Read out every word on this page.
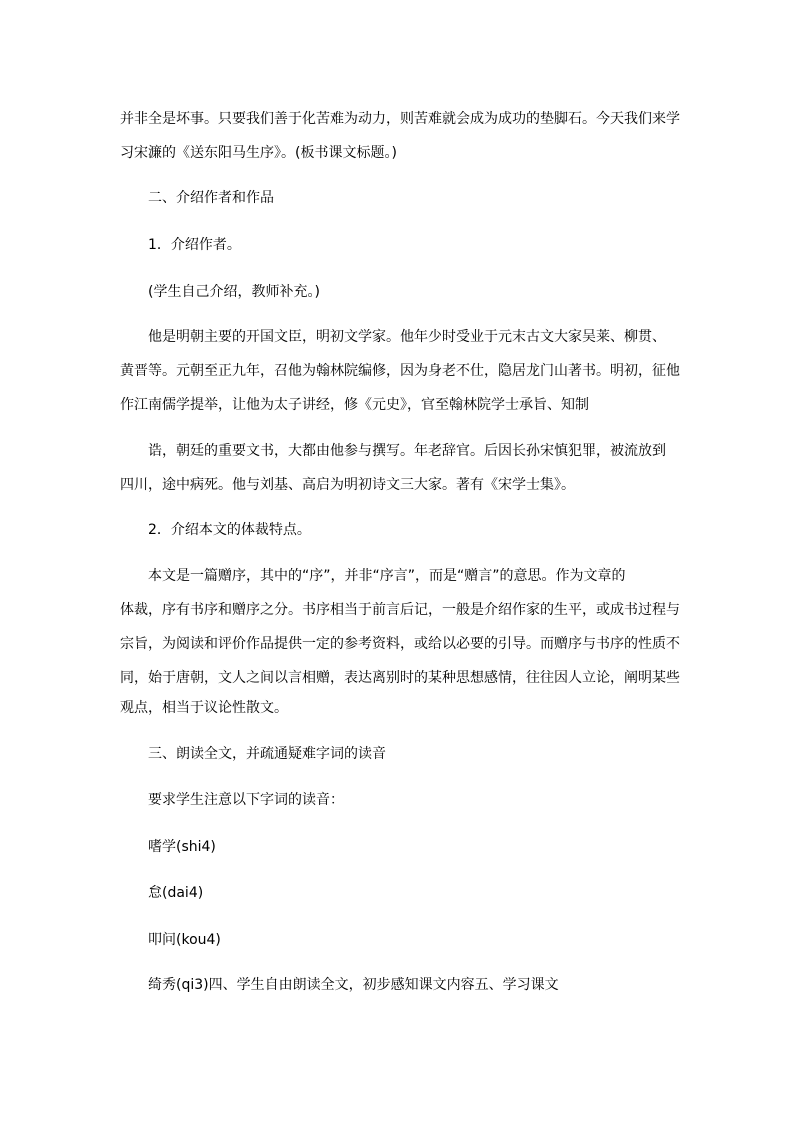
并非全是坏事。只要我们善于化苦难为动力，则苦难就会成为成功的垫脚石。今天我们来学
习宋濂的《送东阳马生序》。(板书课文标题。)
二、介绍作者和作品
1．介绍作者。
(学生自己介绍，教师补充。)
他是明朝主要的开国文臣，明初文学家。他年少时受业于元末古文大家吴莱、柳贯、
黄晋等。元朝至正九年，召他为翰林院编修，因为身老不仕，隐居龙门山著书。明初，征他
作江南儒学提举，让他为太子讲经，修《元史》，官至翰林院学士承旨、知制
诰，朝廷的重要文书，大都由他参与撰写。年老辞官。后因长孙宋慎犯罪，被流放到
四川，途中病死。他与刘基、高启为明初诗文三大家。著有《宋学士集》。
2．介绍本文的体裁特点。
本文是一篇赠序，其中的“序”，并非“序言”，而是“赠言”的意思。作为文章的
体裁，序有书序和赠序之分。书序相当于前言后记，一般是介绍作家的生平，或成书过程与
宗旨，为阅读和评价作品提供一定的参考资料，或给以必要的引导。而赠序与书序的性质不
同，始于唐朝，文人之间以言相赠，表达离别时的某种思想感情，往往因人立论，阐明某些
观点，相当于议论性散文。
三、朗读全文，并疏通疑难字词的读音
要求学生注意以下字词的读音：
嗜学(shi4)
怠(dai4)
叩问(kou4)
绮秀(qi3)四、学生自由朗读全文，初步感知课文内容五、学习课文
